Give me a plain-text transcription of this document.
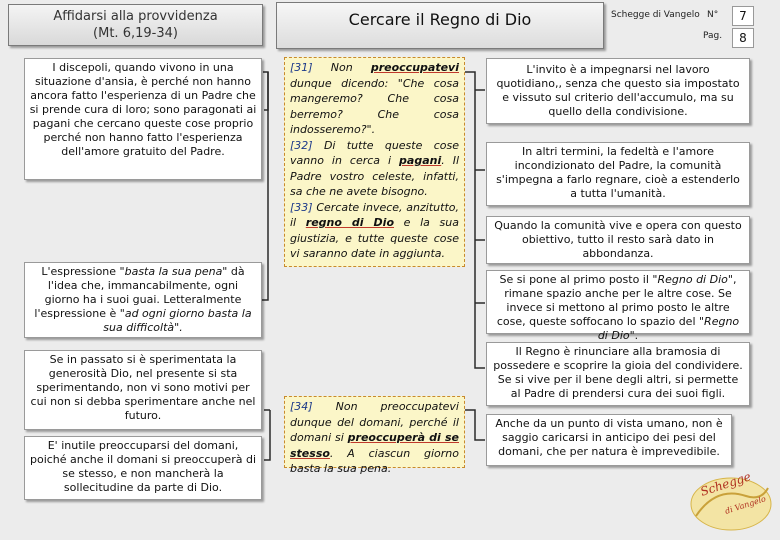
Affidarsi alla provvidenza
(Mt. 6,19-34)
Cercare il Regno di Dio	Schegge di Vangelo N°	7
Pag.	8
I discepoli, quando vivono in una situazione d'ansia, è perché non hanno ancora fatto l'esperienza di un Padre che si prende cura di loro; sono paragonati ai pagani che cercano queste cose proprio perché non hanno fatto l'esperienza dell'amore gratuito del Padre.
L'espressione "basta la sua pena" dà l'idea che, immancabilmente, ogni giorno ha i suoi guai. Letteralmente l'espressione è "ad ogni giorno basta la sua difficoltà".
Se in passato si è sperimentata la generosità Dio, nel presente si sta sperimentando, non vi sono motivi per cui non si debba sperimentare anche nel futuro.
E' inutile preoccuparsi del domani, poiché anche il domani si preoccuperà di se stesso, e non mancherà la sollecitudine da parte di Dio.
[31] Non preoccupatevi dunque dicendo: "Che cosa mangeremo? Che cosa berremo? Che cosa indosseremo?".
[32] Di tutte queste cose vanno in cerca i pagani. Il Padre vostro celeste, infatti, sa che ne avete bisogno.
[33] Cercate invece, anzitutto, il regno di Dio e la sua giustizia, e tutte queste cose vi saranno date in aggiunta.
[34] Non preoccupatevi dunque del domani, perché il domani si preoccuperà di se stesso. A ciascun giorno basta la sua pena.
L'invito è a impegnarsi nel lavoro quotidiano,, senza che questo sia impostato e vissuto sul criterio dell'accumulo, ma su quello della condivisione.
In altri termini, la fedeltà e l'amore incondizionato del Padre, la comunità s'impegna a farlo regnare, cioè a estenderlo a tutta l'umanità.
Quando la comunità vive e opera con questo obiettivo, tutto il resto sarà dato in abbondanza.
Se si pone al primo posto il "Regno di Dio", rimane spazio anche per le altre cose. Se invece si mettono al primo posto le altre cose, queste soffocano lo spazio del "Regno di Dio".
Il Regno è rinunciare alla bramosia di possedere e scoprire la gioia del condividere. Se si vive per il bene degli altri, si permette al Padre di prendersi cura dei suoi figli.
Anche da un punto di vista umano, non è saggio caricarsi in anticipo dei pesi del domani, che per natura è imprevedibile.
Schegge
di Vangelo
